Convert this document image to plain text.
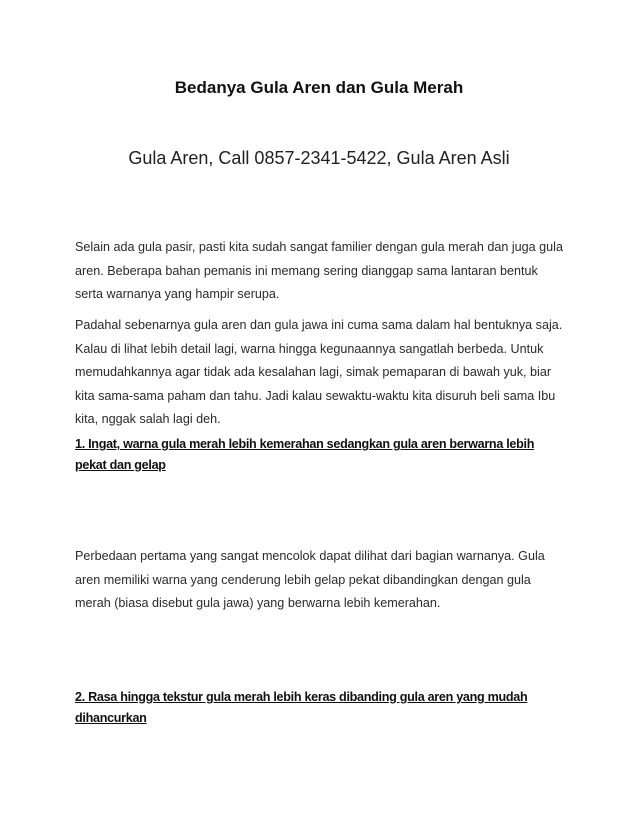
Bedanya Gula Aren dan Gula Merah
Gula Aren, Call 0857-2341-5422, Gula Aren Asli

Selain ada gula pasir, pasti kita sudah sangat familier dengan gula merah dan juga gula aren. Beberapa bahan pemanis ini memang sering dianggap sama lantaran bentuk serta warnanya yang hampir serupa.

Padahal sebenarnya gula aren dan gula jawa ini cuma sama dalam hal bentuknya saja. Kalau di lihat lebih detail lagi, warna hingga kegunaannya sangatlah berbeda. Untuk memudahkannya agar tidak ada kesalahan lagi, simak pemaparan di bawah yuk, biar kita sama-sama paham dan tahu. Jadi kalau sewaktu-waktu kita disuruh beli sama Ibu kita, nggak salah lagi deh.

1. Ingat, warna gula merah lebih kemerahan sedangkan gula aren berwarna lebih pekat dan gelap

Perbedaan pertama yang sangat mencolok dapat dilihat dari bagian warnanya. Gula aren memiliki warna yang cenderung lebih gelap pekat dibandingkan dengan gula merah (biasa disebut gula jawa) yang berwarna lebih kemerahan.

2. Rasa hingga tekstur gula merah lebih keras dibanding gula aren yang mudah dihancurkan
